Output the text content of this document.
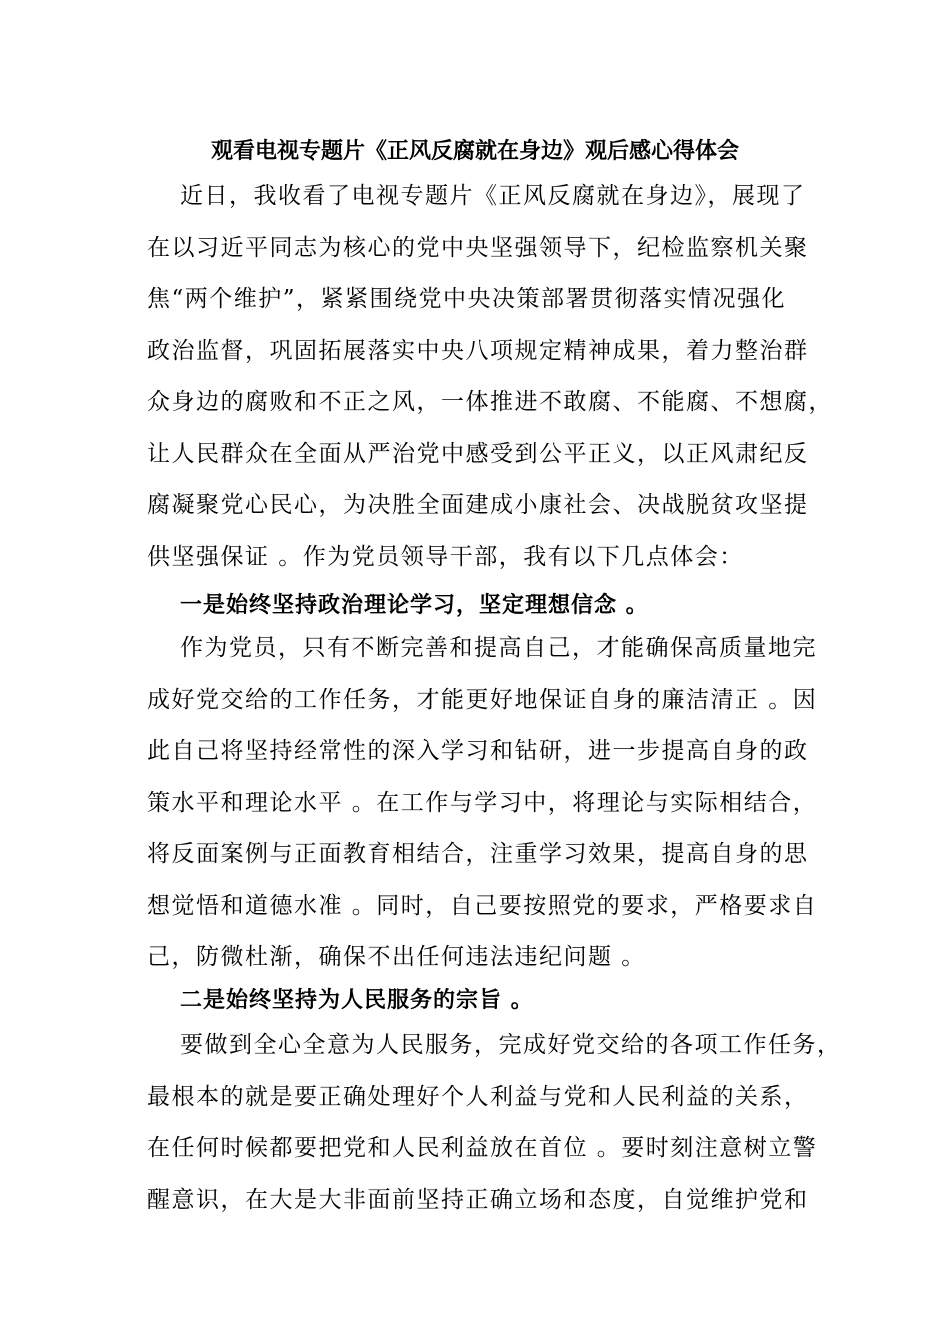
观看电视专题片《正风反腐就在身边》观后感心得体会
近日，我收看了电视专题片《正风反腐就在身边》，展现了
在以习近平同志为核心的党中央坚强领导下，纪检监察机关聚
焦“两个维护”，紧紧围绕党中央决策部署贯彻落实情况强化
政治监督，巩固拓展落实中央八项规定精神成果，着力整治群
众身边的腐败和不正之风，一体推进不敢腐、不能腐、不想腐，
让人民群众在全面从严治党中感受到公平正义，以正风肃纪反
腐凝聚党心民心，为决胜全面建成小康社会、决战脱贫攻坚提
供坚强保证 。作为党员领导干部，我有以下几点体会：
一是始终坚持政治理论学习，坚定理想信念 。
作为党员，只有不断完善和提高自己，才能确保高质量地完
成好党交给的工作任务，才能更好地保证自身的廉洁清正 。因
此自己将坚持经常性的深入学习和钻研，进一步提高自身的政
策水平和理论水平 。在工作与学习中，将理论与实际相结合，
将反面案例与正面教育相结合，注重学习效果，提高自身的思
想觉悟和道德水准 。同时，自己要按照党的要求，严格要求自
己，防微杜渐，确保不出任何违法违纪问题 。
二是始终坚持为人民服务的宗旨 。
要做到全心全意为人民服务，完成好党交给的各项工作任务，
最根本的就是要正确处理好个人利益与党和人民利益的关系，
在任何时候都要把党和人民利益放在首位 。要时刻注意树立警
醒意识，在大是大非面前坚持正确立场和态度，自觉维护党和
